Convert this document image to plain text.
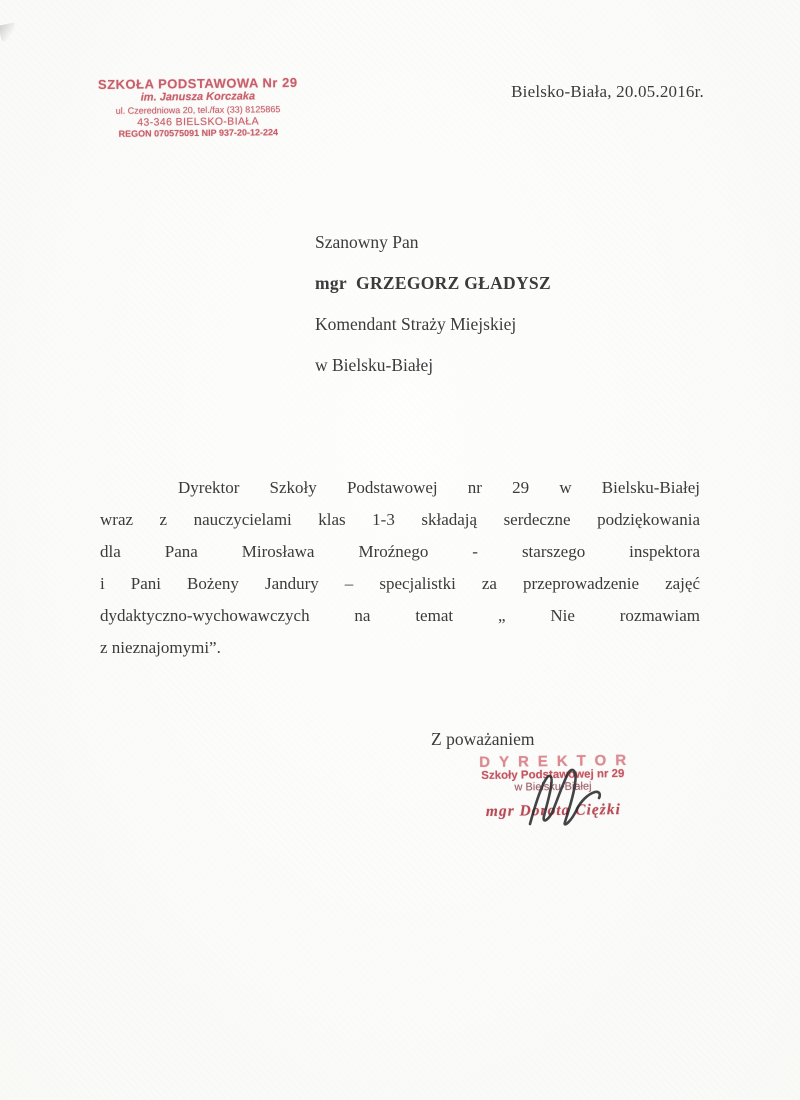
SZKOŁA PODSTAWOWA Nr 29
im. Janusza Korczaka
ul. Czeredniowa 20, tel./fax (33) 8125865
43-346 BIELSKO-BIAŁA
REGON 070575091 NIP 937-20-12-224
Bielsko-Biała, 20.05.2016r.
Szanowny Pan
mgr  GRZEGORZ GŁADYSZ
Komendant Straży Miejskiej
w Bielsku-Białej
Dyrektor Szkoły Podstawowej nr 29 w Bielsku-Białej
wraz z nauczycielami klas 1-3 składają serdeczne podziękowania
dla Pana Mirosława Mroźnego - starszego inspektora
i Pani Bożeny Jandury – specjalistki za przeprowadzenie zajęć
dydaktyczno-wychowawczych na temat „ Nie rozmawiam
z nieznajomymi”.
Z poważaniem
DYREKTOR
Szkoły Podstawowej nr 29
w Bielsku-Białej
mgr Dorota Ciężki
